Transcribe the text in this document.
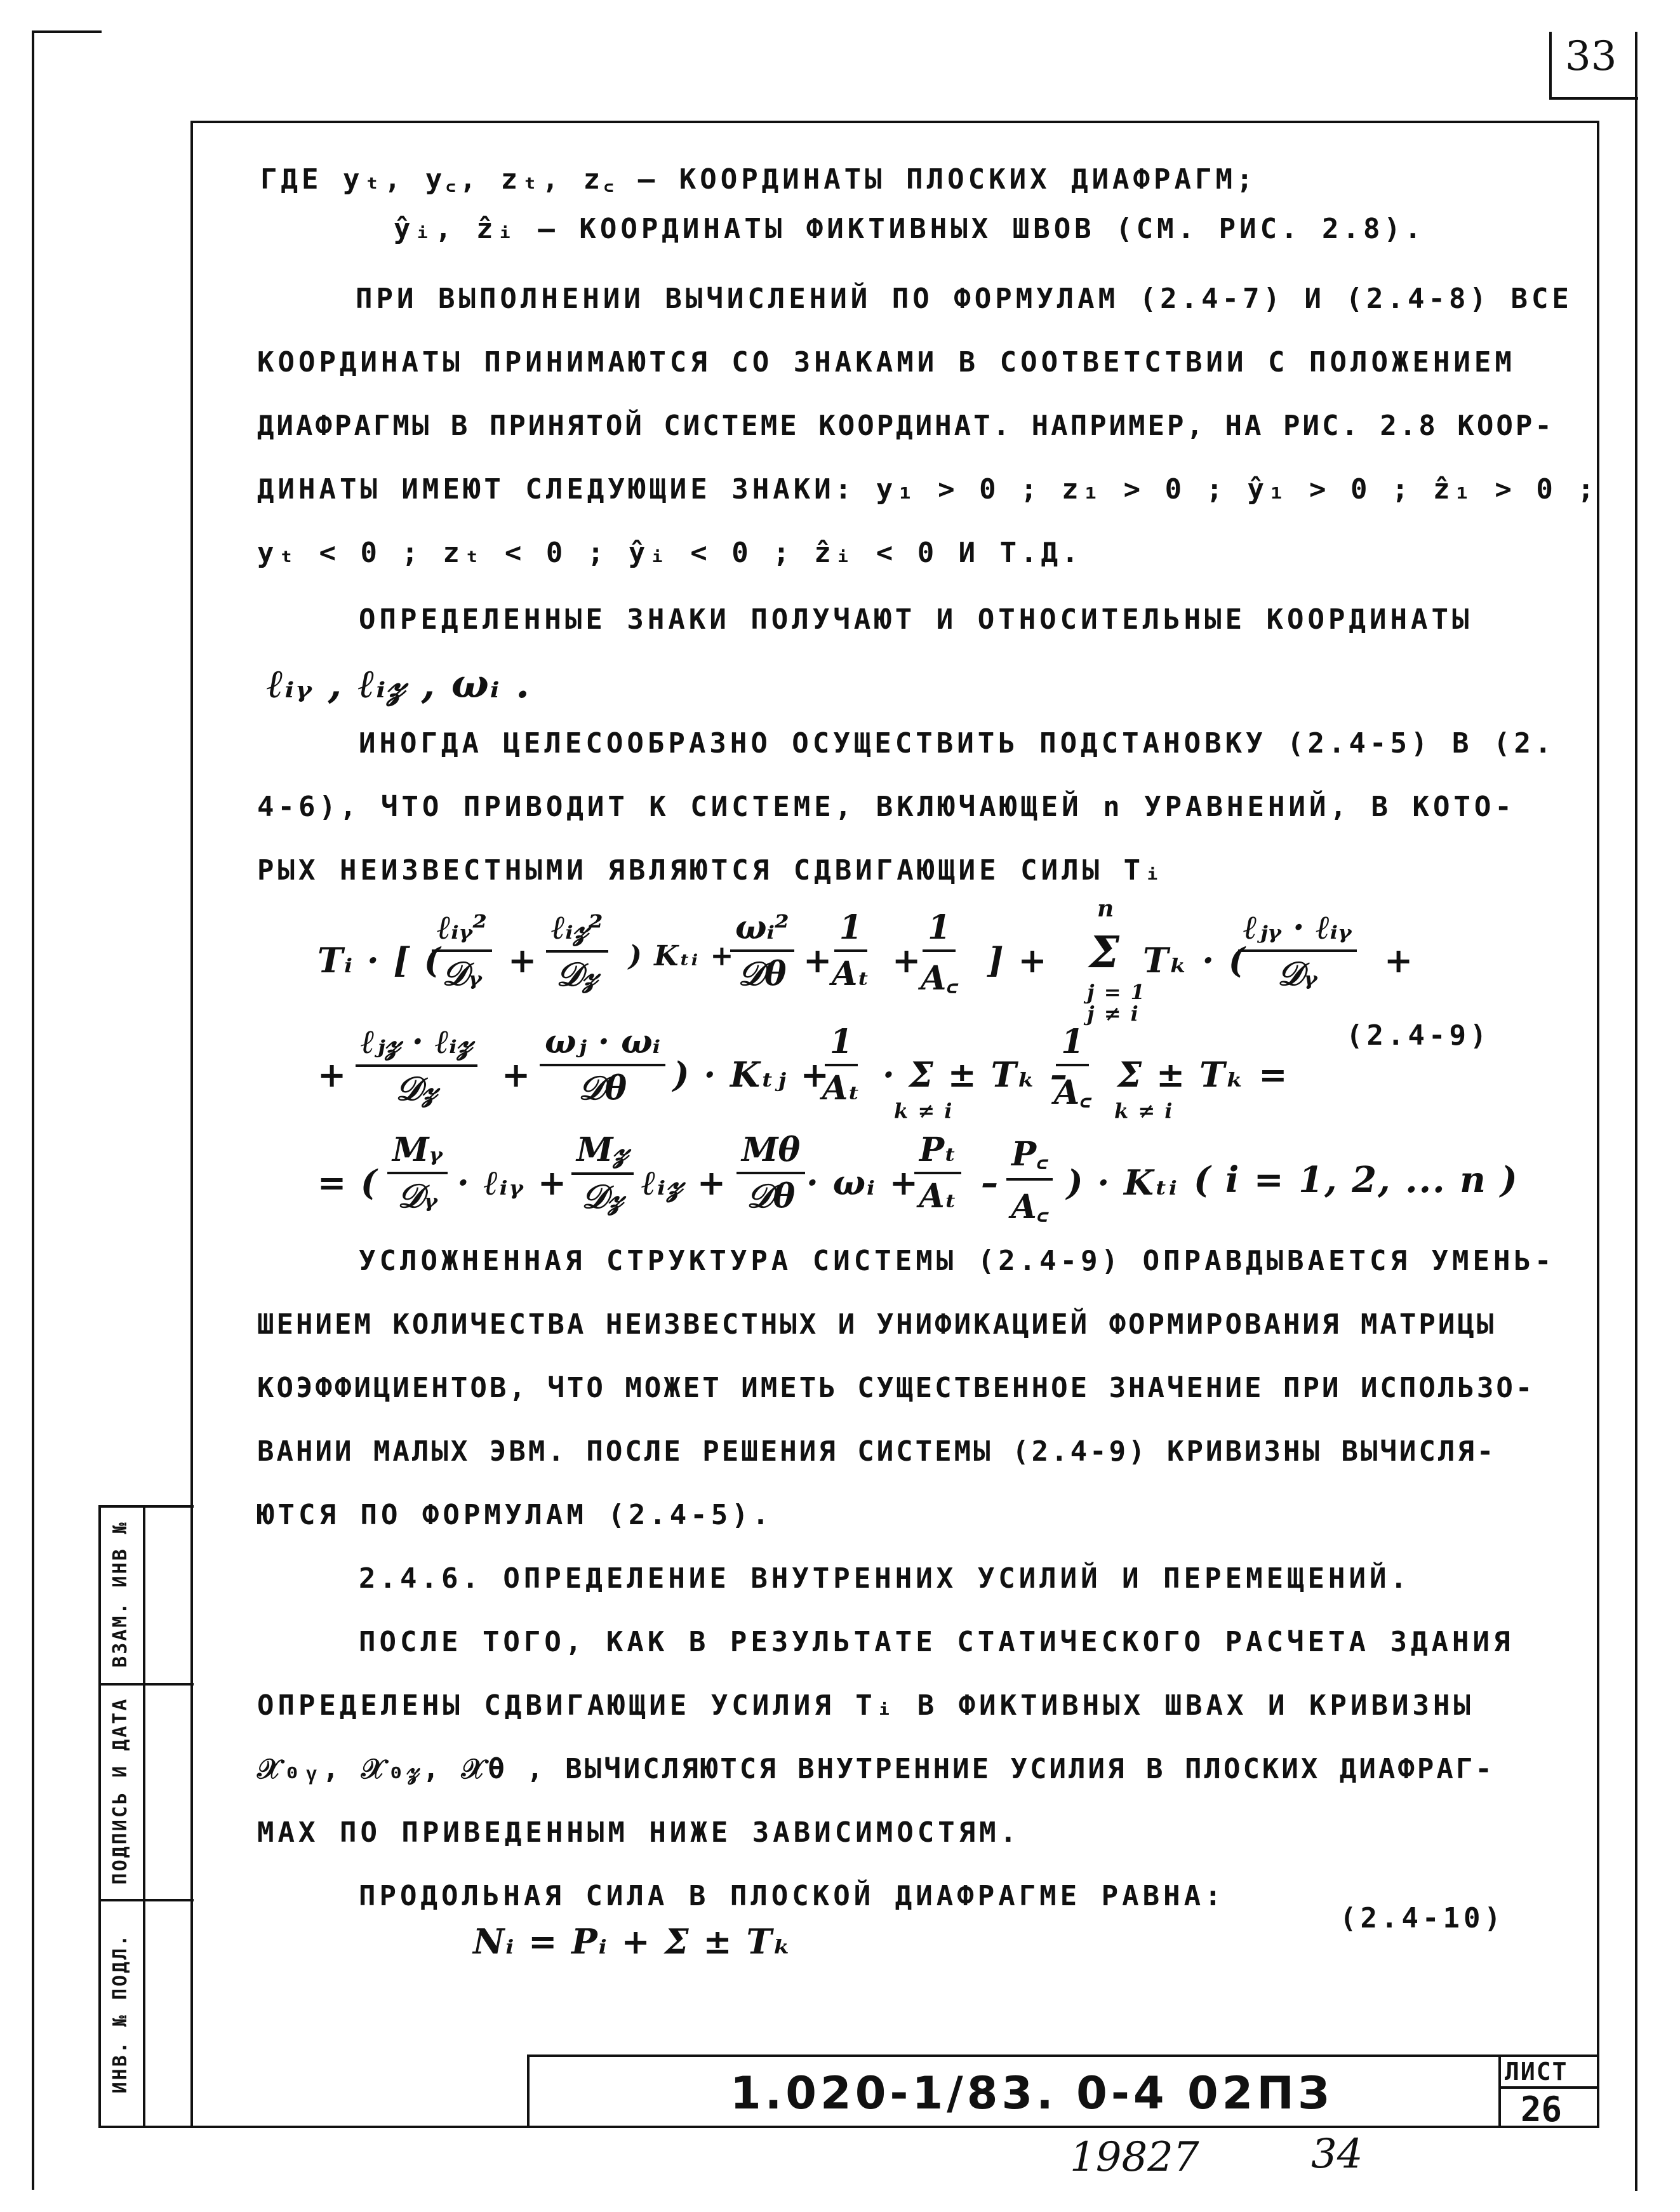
33
ВЗАМ. ИНВ №
ПОДПИСЬ И ДАТА
ИНВ. № ПОДЛ.
ГДЕ yₜ, y꜀, zₜ, z꜀ – КООРДИНАТЫ ПЛОСКИХ ДИАФРАГМ;
ŷᵢ, ẑᵢ – КООРДИНАТЫ ФИКТИВНЫХ ШВОВ (СМ. РИС. 2.8).
ПРИ ВЫПОЛНЕНИИ ВЫЧИСЛЕНИЙ ПО ФОРМУЛАМ (2.4-7) И (2.4-8) ВСЕ
КООРДИНАТЫ ПРИНИМАЮТСЯ СО ЗНАКАМИ В СООТВЕТСТВИИ С ПОЛОЖЕНИЕМ
ДИАФРАГМЫ В ПРИНЯТОЙ СИСТЕМЕ КООРДИНАТ. НАПРИМЕР, НА РИС. 2.8 КООР-
ДИНАТЫ ИМЕЮТ СЛЕДУЮЩИЕ ЗНАКИ: y₁ > 0 ; z₁ > 0 ; ŷ₁ > 0 ; ẑ₁ > 0 ;
yₜ < 0 ; zₜ < 0 ; ŷᵢ < 0 ; ẑᵢ < 0 И Т.Д.
ОПРЕДЕЛЕННЫЕ ЗНАКИ ПОЛУЧАЮТ И ОТНОСИТЕЛЬНЫЕ КООРДИНАТЫ
ℓᵢᵧ , ℓᵢ𝓏 , ωᵢ .
ИНОГДА ЦЕЛЕСООБРАЗНО ОСУЩЕСТВИТЬ ПОДСТАНОВКУ (2.4-5) В (2.
4-6), ЧТО ПРИВОДИТ К СИСТЕМЕ, ВКЛЮЧАЮЩЕЙ n УРАВНЕНИЙ, В КОТО-
РЫХ НЕИЗВЕСТНЫМИ ЯВЛЯЮТСЯ СДВИГАЮЩИЕ СИЛЫ Tᵢ
Tᵢ · [ (
ℓᵢᵧ²
𝒟ᵧ +
ℓᵢ𝓏²
𝒟𝓏 ) Kₜᵢ +
ωᵢ²
𝒟θ +
$\frac{1}{\text{Aₜ}}$ +
$\frac{1}{A꜀}$ ] +
n
Σ
j = 1
j ≠ i
Tₖ · (
ℓⱼᵧ · ℓᵢᵧ
𝒟ᵧ +
(2.4-9)
+
ℓⱼ𝓏 · ℓᵢ𝓏
𝒟𝓏 +
ωⱼ · ωᵢ
𝒟θ ) · Kₜⱼ +
$\frac{1}{\text{Aₜ}} \cdot \Sigma \pm T_k$ –
k ≠ i	$\frac{1}{A꜀}$ Σ ± Tₖ =
k ≠ i
= (
Mᵧ
𝒟ᵧ · ℓᵢᵧ +
M𝓏
𝒟𝓏 ℓᵢ𝓏 +
Mθ
𝒟θ · ωᵢ +
$\frac{\text{Pₜ}}{\text{Aₜ}} - \frac{P꜀}{A꜀}$ ) · Kₜᵢ ( i = 1, 2, ... n )
УСЛОЖНЕННАЯ СТРУКТУРА СИСТЕМЫ (2.4-9) ОПРАВДЫВАЕТСЯ УМЕНЬ-
ШЕНИЕМ КОЛИЧЕСТВА НЕИЗВЕСТНЫХ И УНИФИКАЦИЕЙ ФОРМИРОВАНИЯ МАТРИЦЫ
КОЭФФИЦИЕНТОВ, ЧТО МОЖЕТ ИМЕТЬ СУЩЕСТВЕННОЕ ЗНАЧЕНИЕ ПРИ ИСПОЛЬЗО-
ВАНИИ МАЛЫХ ЭВМ. ПОСЛЕ РЕШЕНИЯ СИСТЕМЫ (2.4-9) КРИВИЗНЫ ВЫЧИСЛЯ-
ЮТСЯ ПО ФОРМУЛАМ (2.4-5).
2.4.6. ОПРЕДЕЛЕНИЕ ВНУТРЕННИХ УСИЛИЙ И ПЕРЕМЕЩЕНИЙ.
ПОСЛЕ ТОГО, КАК В РЕЗУЛЬТАТЕ СТАТИЧЕСКОГО РАСЧЕТА ЗДАНИЯ
ОПРЕДЕЛЕНЫ СДВИГАЮЩИЕ УСИЛИЯ Tᵢ В ФИКТИВНЫХ ШВАХ И КРИВИЗНЫ
𝒳₀ᵧ, 𝒳₀𝓏, 𝒳θ , ВЫЧИСЛЯЮТСЯ ВНУТРЕННИЕ УСИЛИЯ В ПЛОСКИХ ДИАФРАГ-
МАХ ПО ПРИВЕДЕННЫМ НИЖЕ ЗАВИСИМОСТЯМ.
ПРОДОЛЬНАЯ СИЛА В ПЛОСКОЙ ДИАФРАГМЕ РАВНА:
Nᵢ = Pᵢ + Σ ± Tₖ
(2.4-10)
1.020-1/83. 0-4 02ПЗ	ЛИСТ
26
19827	34
